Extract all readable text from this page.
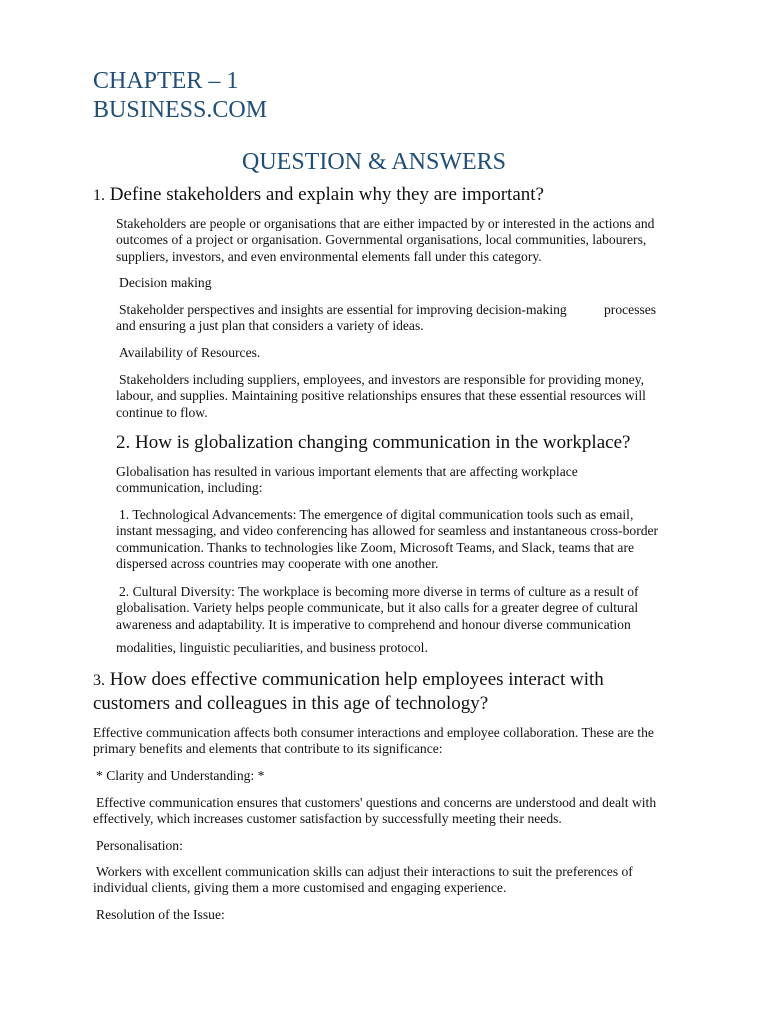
CHAPTER – 1
BUSINESS.COM
QUESTION & ANSWERS
1. Define stakeholders and explain why they are important?

Stakeholders are people or organisations that are either impacted by or interested in the actions and outcomes of a project or organisation. Governmental organisations, local communities, labourers, suppliers, investors, and even environmental elements fall under this category.

Decision making

Stakeholder perspectives and insights are essential for improving decision-making	processes

and ensuring a just plan that considers a variety of ideas.

Availability of Resources.

Stakeholders including suppliers, employees, and investors are responsible for providing money, labour, and supplies. Maintaining positive relationships ensures that these essential resources will continue to flow.

2. How is globalization changing communication in the workplace?

Globalisation has resulted in various important elements that are affecting workplace communication, including:

1. Technological Advancements: The emergence of digital communication tools such as email, instant messaging, and video conferencing has allowed for seamless and instantaneous cross-border communication. Thanks to technologies like Zoom, Microsoft Teams, and Slack, teams that are dispersed across countries may cooperate with one another.

2. Cultural Diversity: The workplace is becoming more diverse in terms of culture as a result of globalisation. Variety helps people communicate, but it also calls for a greater degree of cultural awareness and adaptability. It is imperative to comprehend and honour diverse communication

modalities, linguistic peculiarities, and business protocol.

3. How does effective communication help employees interact with
customers and colleagues in this age of technology?

Effective communication affects both consumer interactions and employee collaboration. These are the primary benefits and elements that contribute to its significance:

* Clarity and Understanding: *

Effective communication ensures that customers' questions and concerns are understood and dealt with effectively, which increases customer satisfaction by successfully meeting their needs.

Personalisation:

Workers with excellent communication skills can adjust their interactions to suit the preferences of individual clients, giving them a more customised and engaging experience.

Resolution of the Issue:
